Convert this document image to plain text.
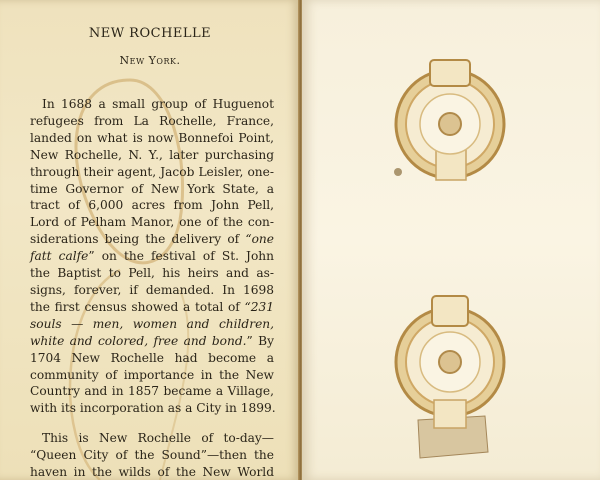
NEW ROCHELLE
New York.
In 1688 a small group of Huguenot
refugees from La Rochelle, France,
landed on what is now Bonnefoi Point,
New Rochelle, N. Y., later purchasing
through their agent, Jacob Leisler, one-
time Governor of New York State, a
tract of 6,000 acres from John Pell,
Lord of Pelham Manor, one of the con-
siderations being the delivery of “one
fatt calfe” on the festival of St. John
the Baptist to Pell, his heirs and as-
signs, forever, if demanded. In 1698
the first census showed a total of “231
souls — men, women and children,
white and colored, free and bond.” By
1704 New Rochelle had become a
community of importance in the New
Country and in 1857 became a Village,
with its incorporation as a City in 1899.
This is New Rochelle of to-day—
“Queen City of the Sound”—then the
haven in the wilds of the New World
